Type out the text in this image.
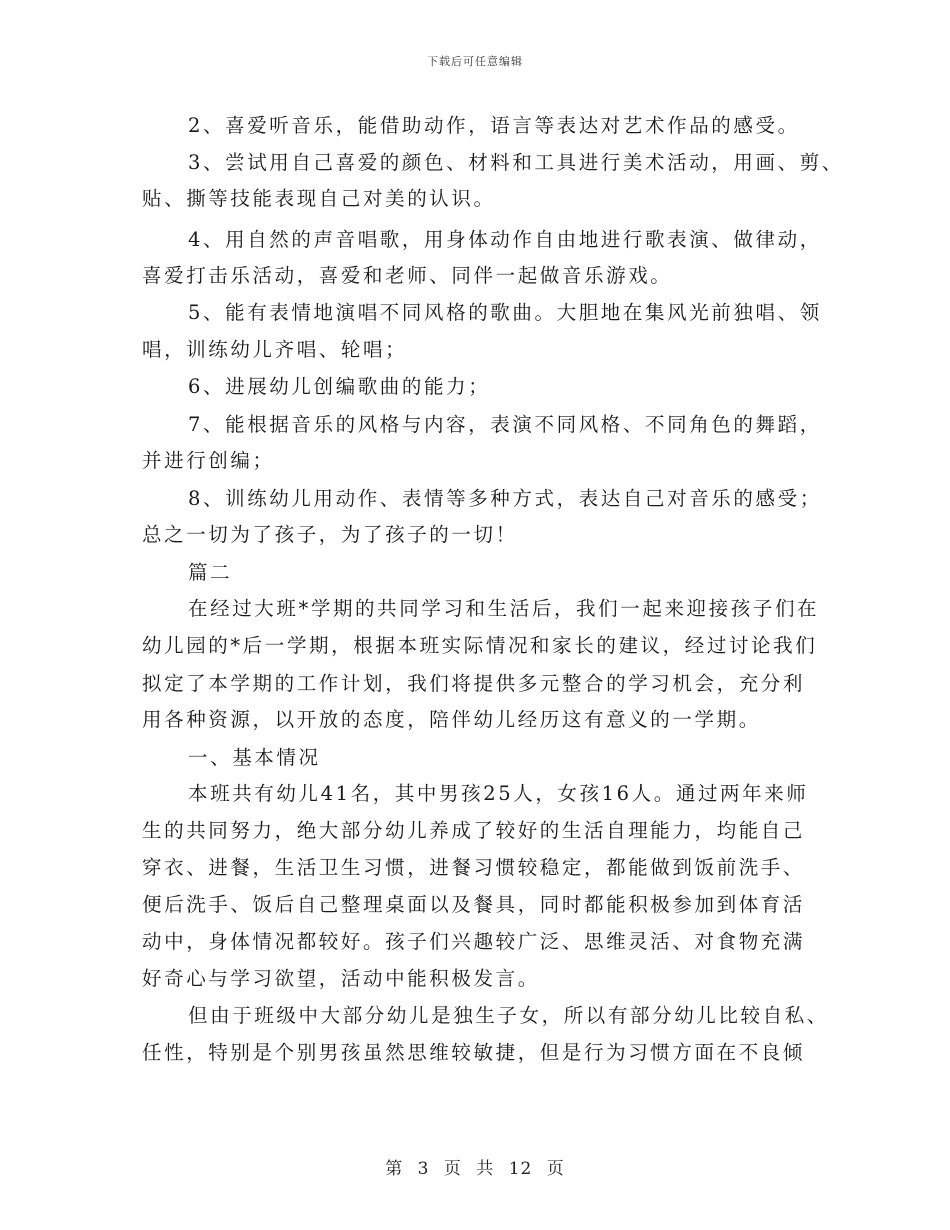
下载后可任意编辑
2、喜爱听音乐，能借助动作，语言等表达对艺术作品的感受。
3、尝试用自己喜爱的颜色、材料和工具进行美术活动，用画、剪、
贴、撕等技能表现自己对美的认识。
4、用自然的声音唱歌，用身体动作自由地进行歌表演、做律动，
喜爱打击乐活动，喜爱和老师、同伴一起做音乐游戏。
5、能有表情地演唱不同风格的歌曲。大胆地在集风光前独唱、领
唱，训练幼儿齐唱、轮唱；
6、进展幼儿创编歌曲的能力；
7、能根据音乐的风格与内容，表演不同风格、不同角色的舞蹈，
并进行创编；
8、训练幼儿用动作、表情等多种方式，表达自己对音乐的感受；
总之一切为了孩子，为了孩子的一切！
篇二
在经过大班*学期的共同学习和生活后，我们一起来迎接孩子们在
幼儿园的*后一学期，根据本班实际情况和家长的建议，经过讨论我们
拟定了本学期的工作计划，我们将提供多元整合的学习机会，充分利
用各种资源，以开放的态度，陪伴幼儿经历这有意义的一学期。
一、基本情况
本班共有幼儿41名，其中男孩25人，女孩16人。通过两年来师
生的共同努力，绝大部分幼儿养成了较好的生活自理能力，均能自己
穿衣、进餐，生活卫生习惯，进餐习惯较稳定，都能做到饭前洗手、
便后洗手、饭后自己整理桌面以及餐具，同时都能积极参加到体育活
动中，身体情况都较好。孩子们兴趣较广泛、思维灵活、对食物充满
好奇心与学习欲望，活动中能积极发言。
但由于班级中大部分幼儿是独生子女，所以有部分幼儿比较自私、
任性，特别是个别男孩虽然思维较敏捷，但是行为习惯方面在不良倾
第 3 页 共 12 页
